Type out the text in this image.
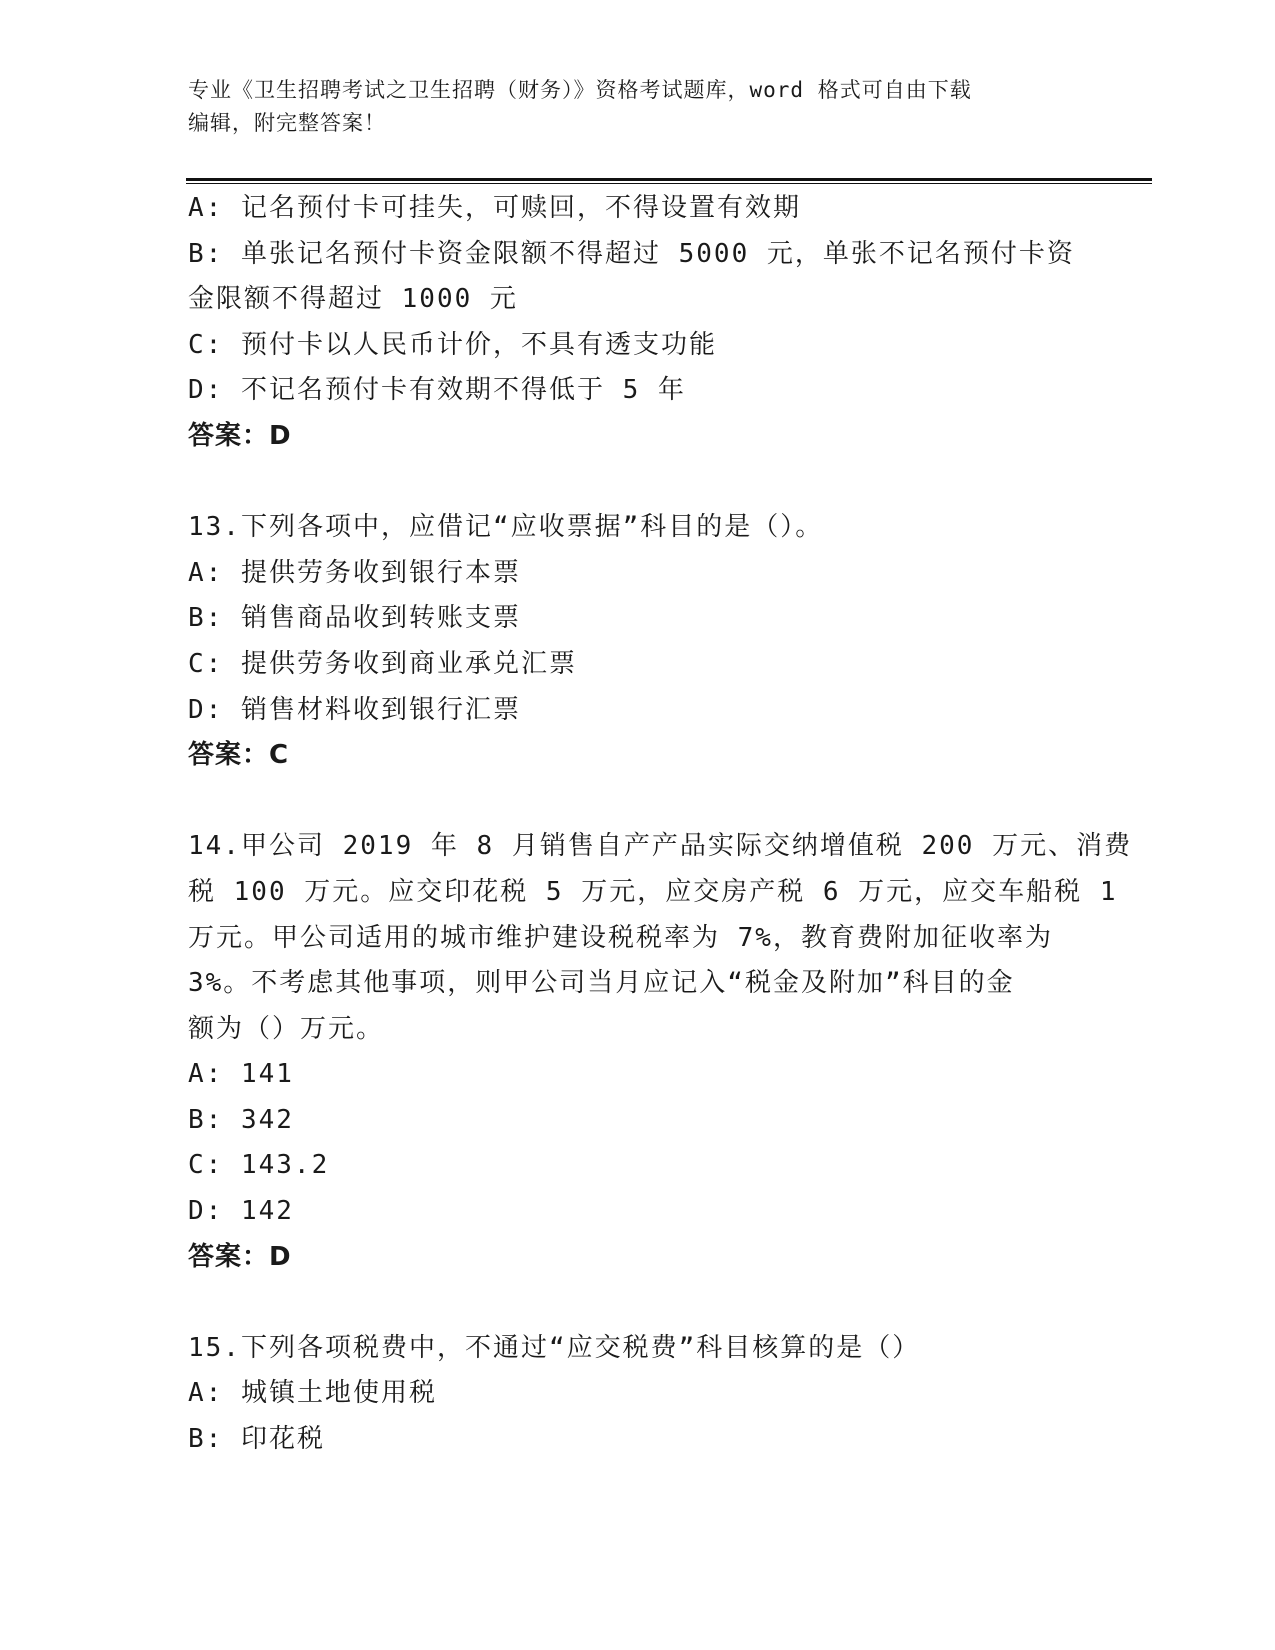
专业《卫生招聘考试之卫生招聘（财务）》资格考试题库，word 格式可自由下载
编辑，附完整答案！
A: 记名预付卡可挂失，可赎回，不得设置有效期
B: 单张记名预付卡资金限额不得超过 5000 元，单张不记名预付卡资
金限额不得超过 1000 元
C: 预付卡以人民币计价，不具有透支功能
D: 不记名预付卡有效期不得低于 5 年
答案：D
13.下列各项中，应借记“应收票据”科目的是（）。
A: 提供劳务收到银行本票
B: 销售商品收到转账支票
C: 提供劳务收到商业承兑汇票
D: 销售材料收到银行汇票
答案：C
14.甲公司 2019 年 8 月销售自产产品实际交纳增值税 200 万元、消费
税 100 万元。应交印花税 5 万元，应交房产税 6 万元，应交车船税 1
万元。甲公司适用的城市维护建设税税率为 7%，教育费附加征收率为
3%。不考虑其他事项，则甲公司当月应记入“税金及附加”科目的金
额为（）万元。
A: 141
B: 342
C: 143.2
D: 142
答案：D
15.下列各项税费中，不通过“应交税费”科目核算的是（）
A: 城镇土地使用税
B: 印花税
